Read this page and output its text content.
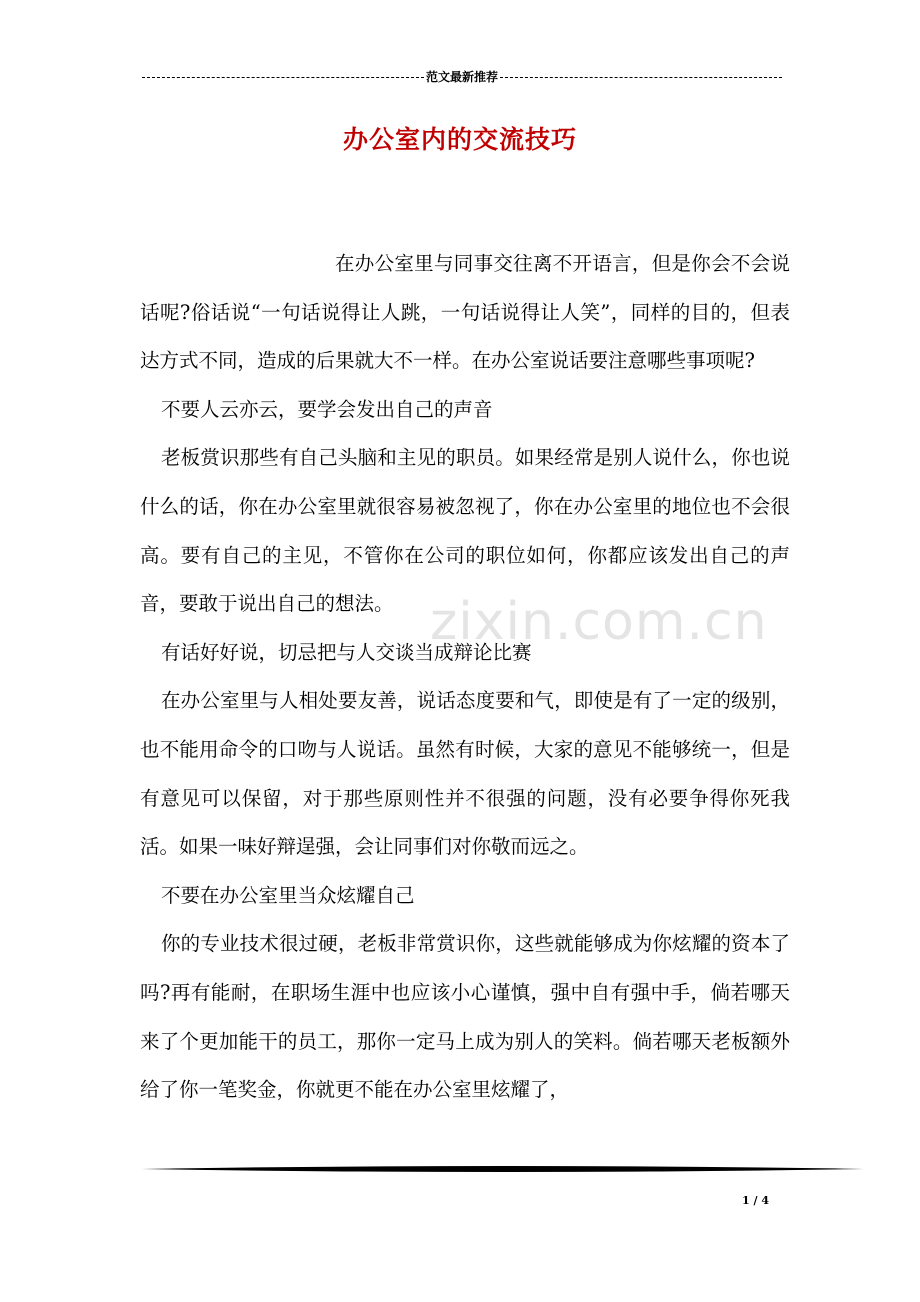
范文最新推荐
办公室内的交流技巧
zixin.com.cn

在办公室里与同事交往离不开语言，但是你会不会说话呢?俗话说“一句话说得让人跳，一句话说得让人笑”，同样的目的，但表达方式不同，造成的后果就大不一样。在办公室说话要注意哪些事项呢?

不要人云亦云，要学会发出自己的声音

老板赏识那些有自己头脑和主见的职员。如果经常是别人说什么，你也说什么的话，你在办公室里就很容易被忽视了，你在办公室里的地位也不会很高。要有自己的主见，不管你在公司的职位如何，你都应该发出自己的声音，要敢于说出自己的想法。

有话好好说，切忌把与人交谈当成辩论比赛

在办公室里与人相处要友善，说话态度要和气，即使是有了一定的级别，也不能用命令的口吻与人说话。虽然有时候，大家的意见不能够统一，但是有意见可以保留，对于那些原则性并不很强的问题，没有必要争得你死我活。如果一味好辩逞强，会让同事们对你敬而远之。

不要在办公室里当众炫耀自己

你的专业技术很过硬，老板非常赏识你，这些就能够成为你炫耀的资本了吗?再有能耐，在职场生涯中也应该小心谨慎，强中自有强中手，倘若哪天来了个更加能干的员工，那你一定马上成为别人的笑料。倘若哪天老板额外给了你一笔奖金，你就更不能在办公室里炫耀了，

1 / 4
